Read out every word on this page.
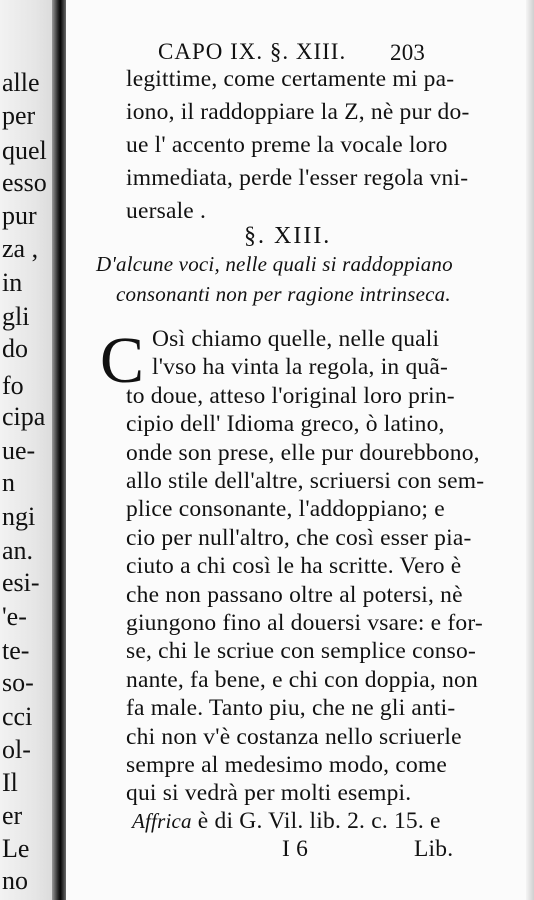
alle
per
quel
esso
pur
za ,
in
gli
do
fo
cipa
ue-
n
ngi
an.
esi-
'e-
te-
so-
cci
ol-
Il
er
Le
no
CAPO IX. §. XIII. 203
legittime, come certamente mi pa-
iono, il raddoppiare la Z, nè pur do-
ue l' accento preme la vocale loro
immediata, perde l'esser regola vni-
uersale .
§. XIII.
D'alcune voci, nelle quali si raddoppiano
consonanti non per ragione intrinseca.
C Osì chiamo quelle, nelle quali
l'vso ha vinta la regola, in quã-
to doue, atteso l'original loro prin-
cipio dell' Idioma greco, ò latino,
onde son prese, elle pur dourebbono,
allo stile dell'altre, scriuersi con sem-
plice consonante, l'addoppiano; e
cio per null'altro, che così esser pia-
ciuto a chi così le ha scritte. Vero è
che non passano oltre al potersi, nè
giungono fino al douersi vsare: e for-
se, chi le scriue con semplice conso-
nante, fa bene, e chi con doppia, non
fa male. Tanto piu, che ne gli anti-
chi non v'è costanza nello scriuerle
sempre al medesimo modo, come
qui si vedrà per molti esempi.
Affrica è di G. Vil. lib. 2. c. 15. e
I 6	Lib.
